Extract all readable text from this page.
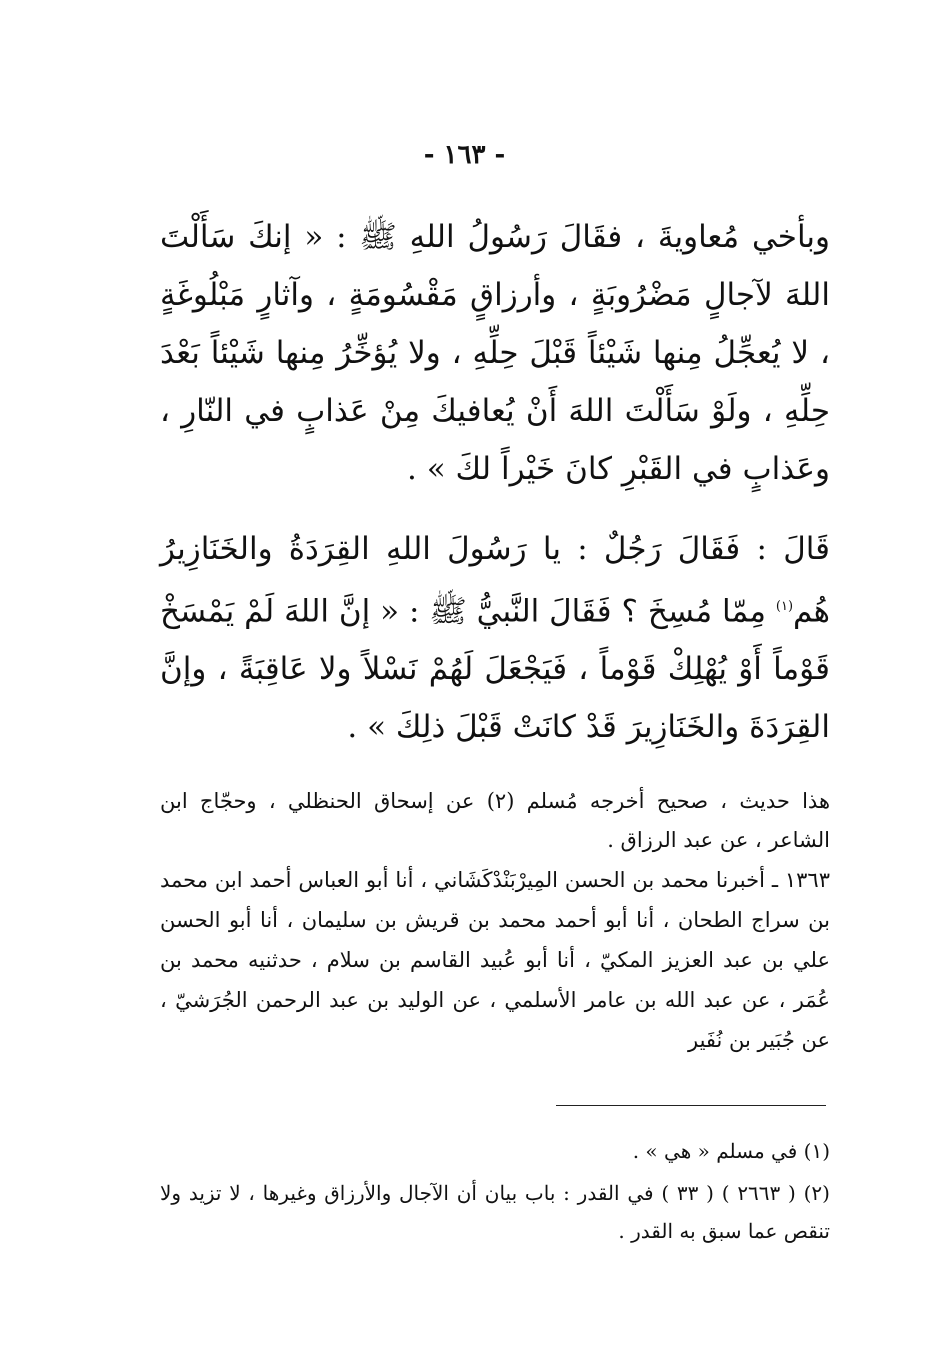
- ١٦٣ -

وبأخي مُعاويةَ ، فقَالَ رَسُولُ اللهِ ﷺ : « إنكَ سَأَلْتَ اللهَ لآجالٍ مَضْرُوبَةٍ ، وأرزاقٍ مَقْسُومَةٍ ، وآثارٍ مَبْلُوغَةٍ ، لا يُعجِّلُ مِنها شَيْئاً قَبْلَ حِلِّهِ ، ولا يُؤخِّرُ مِنها شَيْئاً بَعْدَ حِلِّهِ ، ولَوْ سَأَلْتَ اللهَ أَنْ يُعافيكَ مِنْ عَذابٍ في النّارِ ، وعَذابٍ في القَبْرِ كانَ خَيْراً لكَ » .

قَالَ : فَقَالَ رَجُلٌ : يا رَسُولَ اللهِ القِرَدَةُ والخَنَازِيرُ هُم$^{(١)}$ مِمّا مُسِخَ ؟ فَقَالَ النَّبيُّ ﷺ : « إنَّ اللهَ لَمْ يَمْسَخْ قَوْماً أَوْ يُهْلِكْ قَوْماً ، فَيَجْعَلَ لَهُمْ نَسْلاً ولا عَاقِبَةً ، وإنَّ القِرَدَةَ والخَنَازِيرَ قَدْ كانَتْ قَبْلَ ذلِكَ » .

هذا حديث ، صحيح أخرجه مُسلم (٢) عن إسحاق الحنظلي ، وحجّاج ابن الشاعر ، عن عبد الرزاق .

١٣٦٣ ـ أخبرنا محمد بن الحسن المِيرْبَنْدْكَشَاني ، أنا أبو العباس أحمد ابن محمد بن سراج الطحان ، أنا أبو أحمد محمد بن قريش بن سليمان ، أنا أبو الحسن علي بن عبد العزيز المكيّ ، أنا أبو عُبيد القاسم بن سلام ، حدثنيه محمد بن عُمَر ، عن عبد الله بن عامر الأسلمي ، عن الوليد بن عبد الرحمن الجُرَشيّ ، عن جُبَير بن نُفَير

(١) في مسلم « هي » .

(٢) ( ٢٦٦٣ ) ( ٣٣ ) في القدر : باب بيان أن الآجال والأرزاق وغيرها ، لا تزيد ولا تنقص عما سبق به القدر .
